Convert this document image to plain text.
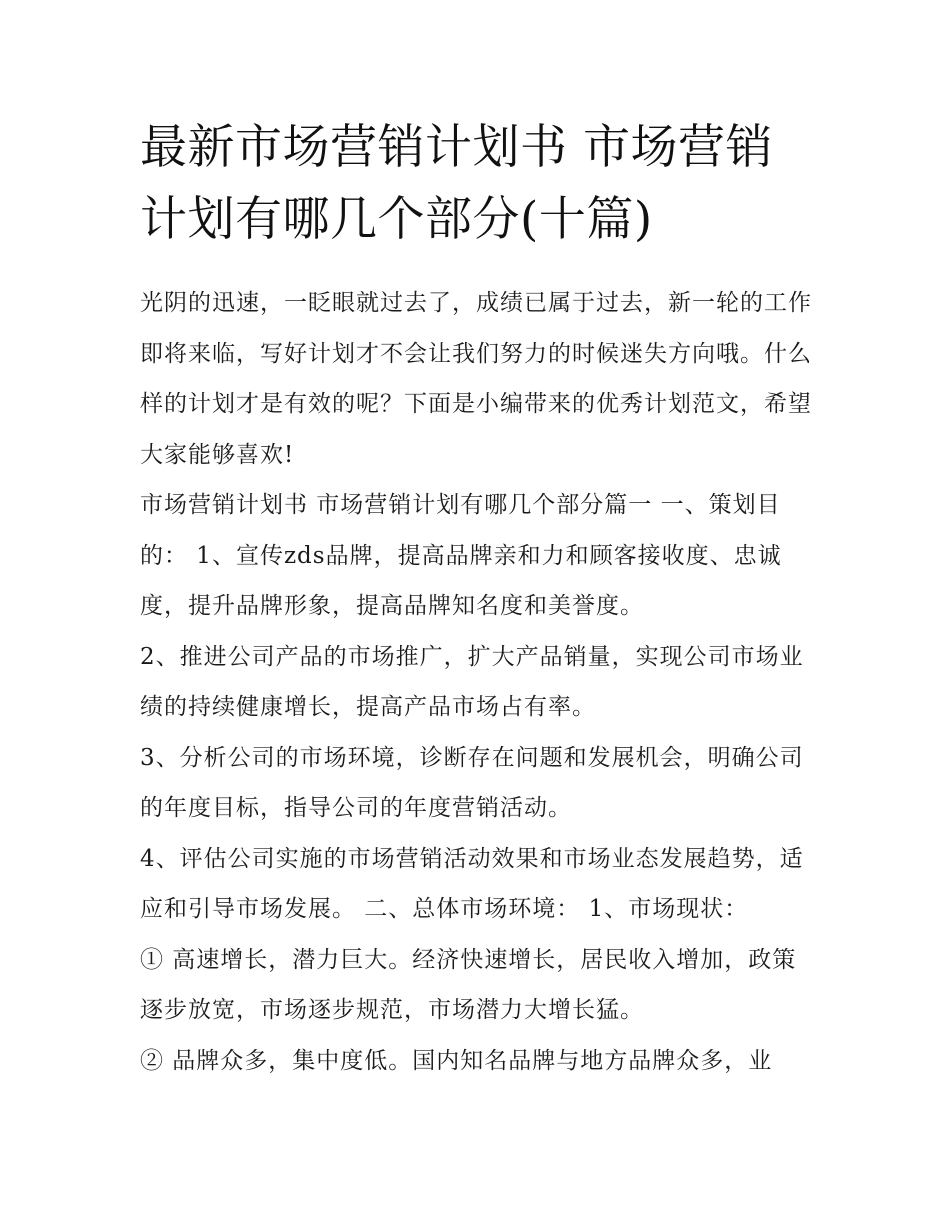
最新市场营销计划书 市场营销计划有哪几个部分(十篇)

光阴的迅速，一眨眼就过去了，成绩已属于过去，新一轮的工作即将来临，写好计划才不会让我们努力的时候迷失方向哦。什么样的计划才是有效的呢？下面是小编带来的优秀计划范文，希望大家能够喜欢!

市场营销计划书 市场营销计划有哪几个部分篇一 一、策划目的： 1、宣传zds品牌，提高品牌亲和力和顾客接收度、忠诚度，提升品牌形象，提高品牌知名度和美誉度。

2、推进公司产品的市场推广，扩大产品销量，实现公司市场业绩的持续健康增长，提高产品市场占有率。

3、分析公司的市场环境，诊断存在问题和发展机会，明确公司的年度目标，指导公司的年度营销活动。

4、评估公司实施的市场营销活动效果和市场业态发展趋势，适应和引导市场发展。 二、总体市场环境： 1、市场现状：

① 高速增长，潜力巨大。经济快速增长，居民收入增加，政策逐步放宽，市场逐步规范，市场潜力大增长猛。

② 品牌众多，集中度低。国内知名品牌与地方品牌众多，业
